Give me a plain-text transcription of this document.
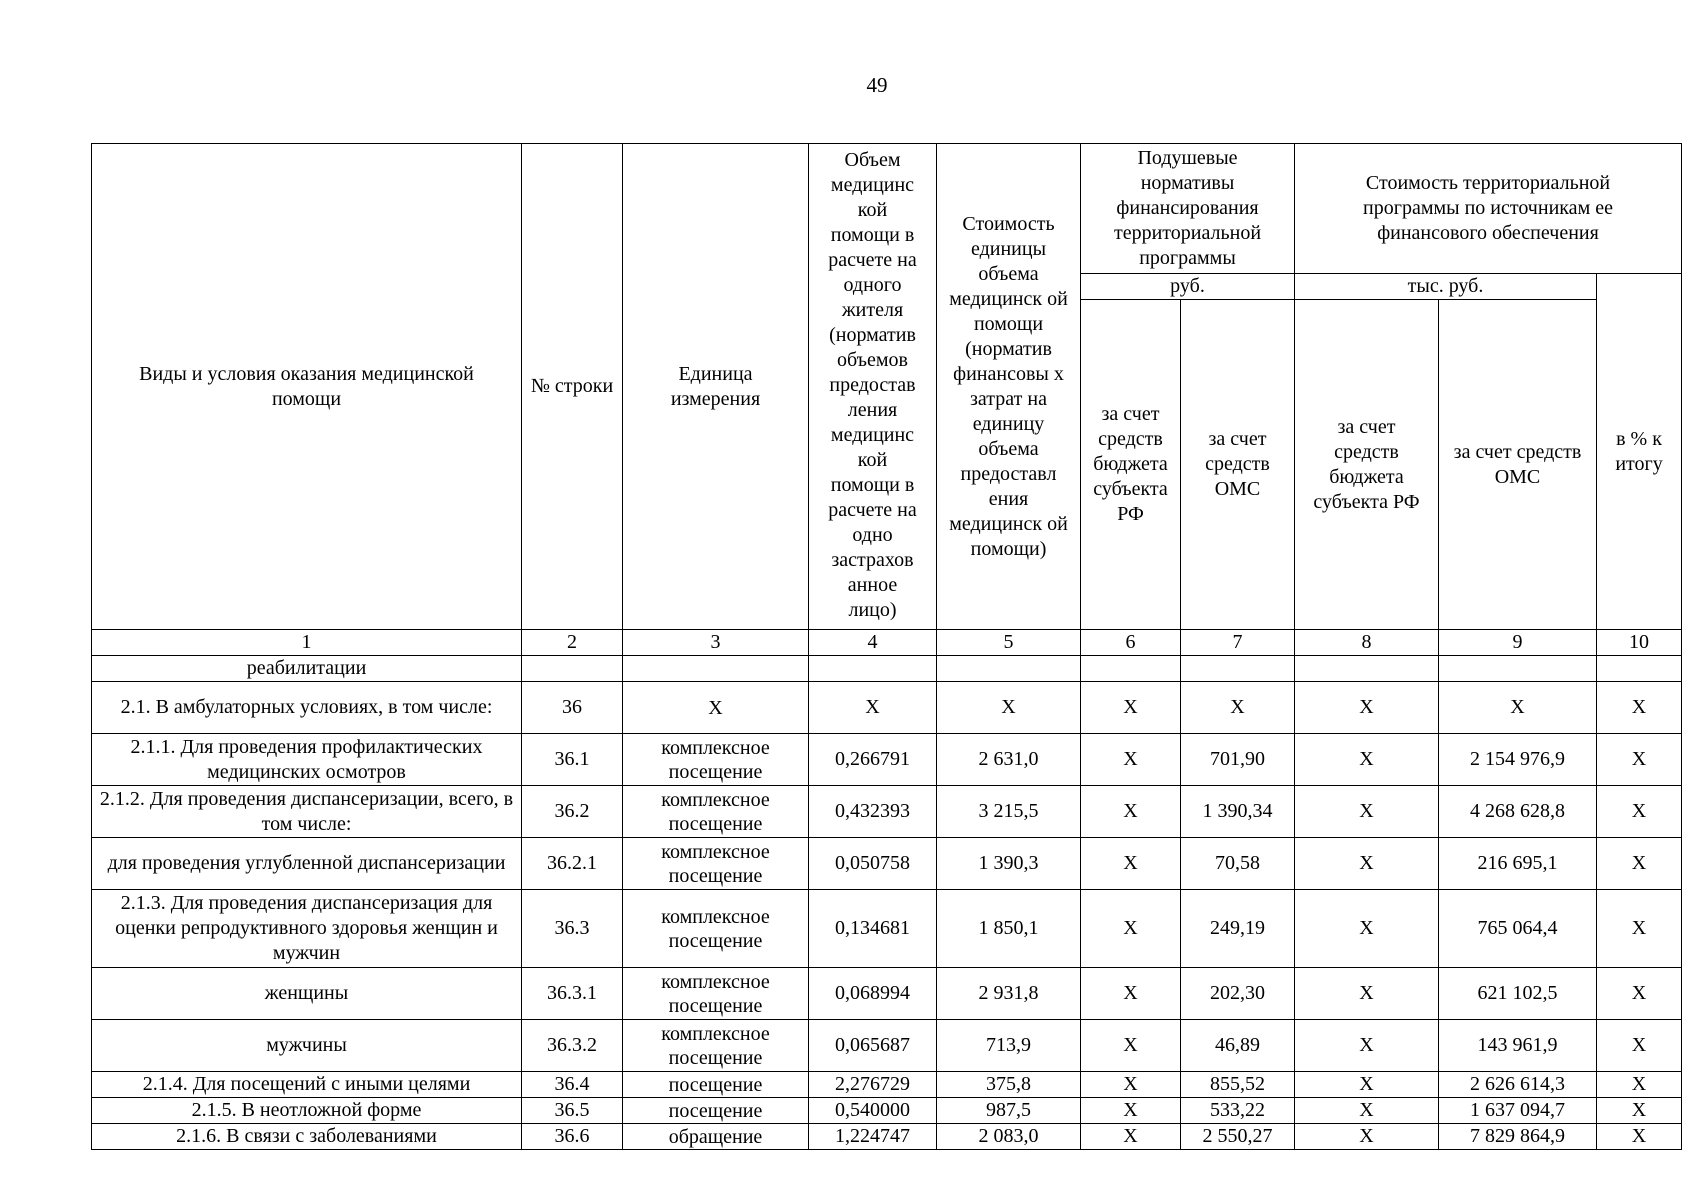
49
Виды и условия оказания медицинской помощи	№ строки	Единица измерения	Объем медицинс кой помощи в расчете на одного жителя (норматив объемов предостав ления медицинс кой помощи в расчете на одно застрахов анное лицо)	Стоимость единицы объема медицинск ой помощи (норматив финансовы х затрат на единицу объема предоставл ения медицинск ой помощи)	Подушевые нормативы финансирования территориальной программы		Стоимость территориальной программы по источникам ее финансового обеспечения		
					руб.		тыс. руб.		в % к итогу
					за счет средств бюджета субъекта РФ	за счет средств ОМС	за счет средств бюджета субъекта РФ	за счет средств ОМС	
1	2	3	4	5	6	7	8	9	10
реабилитации									
2.1. В амбулаторных условиях, в том числе:	36	Х	Х	Х	Х	Х	Х	Х	Х
2.1.1. Для проведения профилактических медицинских осмотров	36.1	комплексное посещение	0,266791	2 631,0	Х	701,90	Х	2 154 976,9	Х
2.1.2. Для проведения диспансеризации, всего, в том числе:	36.2	комплексное посещение	0,432393	3 215,5	Х	1 390,34	Х	4 268 628,8	Х
для проведения углубленной диспансеризации	36.2.1	комплексное посещение	0,050758	1 390,3	Х	70,58	Х	216 695,1	Х
2.1.3. Для проведения диспансеризация для оценки репродуктивного здоровья женщин и мужчин	36.3	комплексное посещение	0,134681	1 850,1	Х	249,19	Х	765 064,4	Х
женщины	36.3.1	комплексное посещение	0,068994	2 931,8	Х	202,30	Х	621 102,5	Х
мужчины	36.3.2	комплексное посещение	0,065687	713,9	Х	46,89	Х	143 961,9	Х
2.1.4. Для посещений с иными целями	36.4	посещение	2,276729	375,8	Х	855,52	Х	2 626 614,3	Х
2.1.5. В неотложной форме	36.5	посещение	0,540000	987,5	Х	533,22	Х	1 637 094,7	Х
2.1.6. В связи с заболеваниями	36.6	обращение	1,224747	2 083,0	Х	2 550,27	Х	7 829 864,9	Х
